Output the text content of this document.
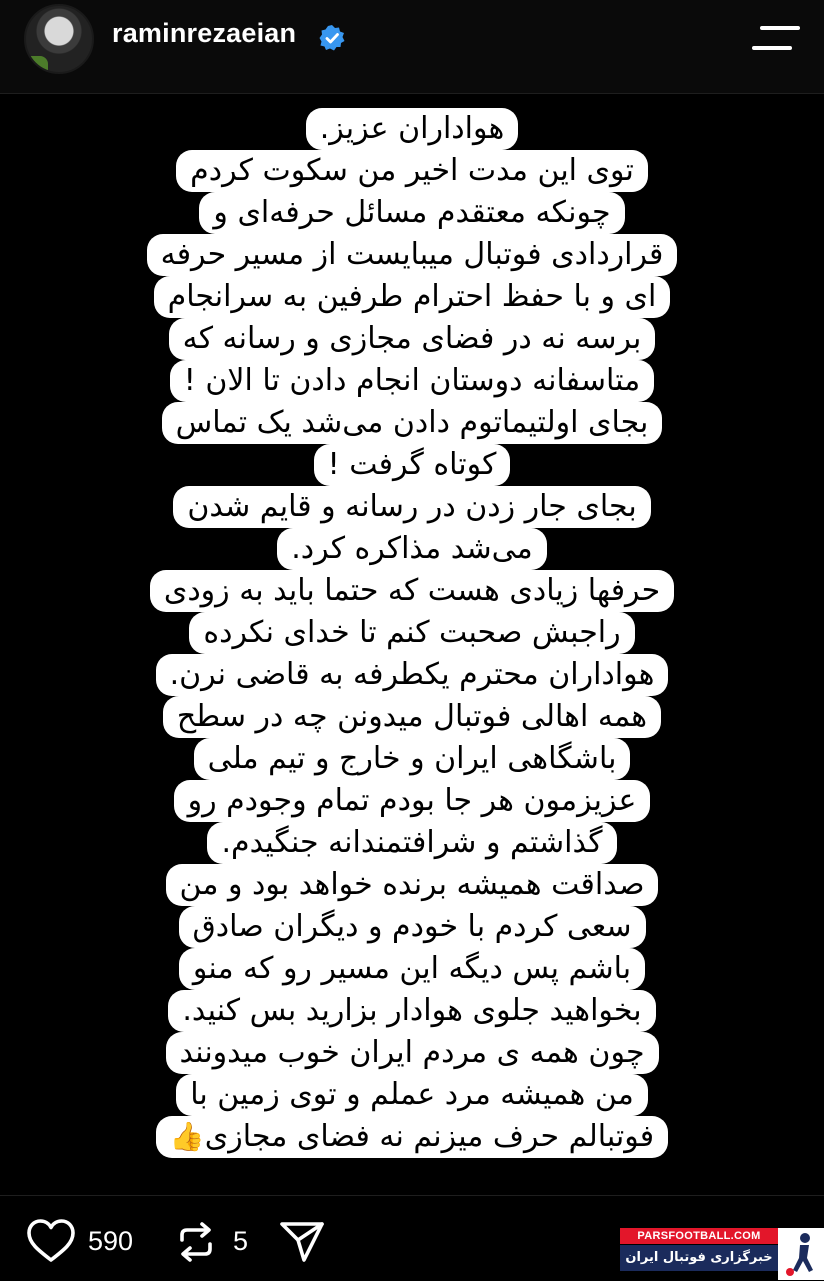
raminrezaeian
هواداران عزیز.
توی این مدت اخیر من سکوت کردم
چونکه معتقدم مسائل حرفه‌ای و
قراردادی فوتبال میبایست از مسیر حرفه
ای و با حفظ احترام طرفین به سرانجام
برسه نه در فضای مجازی و رسانه که
متاسفانه دوستان انجام دادن تا الان !
بجای اولتیماتوم دادن می‌شد یک تماس
کوتاه گرفت !
بجای جار زدن در رسانه و قایم شدن
می‌شد مذاکره کرد.
حرفها زیادی هست که حتما باید به زودی
راجبش صحبت کنم تا خدای نکرده
هواداران محترم یکطرفه به قاضی نرن.
همه اهالی فوتبال میدونن چه در سطح
باشگاهی ایران و خارج و تیم ملی
عزیزمون هر جا بودم تمام وجودم رو
گذاشتم و شرافتمندانه جنگیدم.
صداقت همیشه برنده خواهد بود و من
سعی کردم با خودم و دیگران صادق
باشم پس دیگه این مسیر رو که منو
بخواهید جلوی هوادار بزارید بس کنید.
چون همه ی مردم ایران خوب میدونند
من همیشه مرد عملم و توی زمین با
فوتبالم حرف میزنم نه فضای مجازی👍
590	5	PARSFOOTBALL.COM
خبرگزاری فوتبال ایران
